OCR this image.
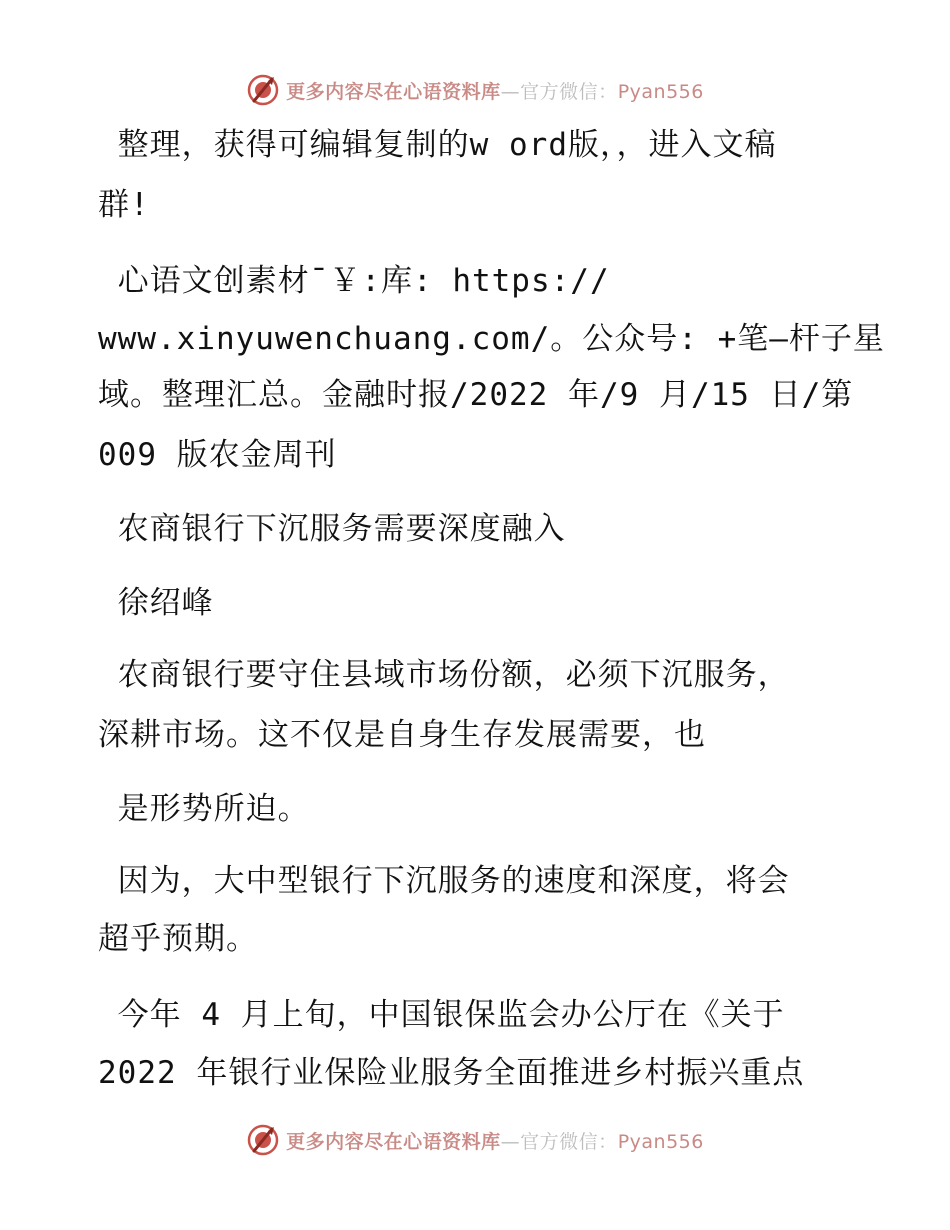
更多内容尽在心语资料库—官方微信：Pyan556
整理，获得可编辑复制的w ord版，，进入文稿
群!
心语文创素材¯￥:库: https://
www.xinyuwenchuang.com/。公众号: +笔—杆子星
域。整理汇总。金融时报/2022 年/9 月/15 日/第
009 版农金周刊
农商银行下沉服务需要深度融入
徐绍峰
农商银行要守住县域市场份额，必须下沉服务，
深耕市场。这不仅是自身生存发展需要，也
是形势所迫。
因为，大中型银行下沉服务的速度和深度，将会
超乎预期。
今年 4 月上旬，中国银保监会办公厅在《关于
2022 年银行业保险业服务全面推进乡村振兴重点
更多内容尽在心语资料库—官方微信：Pyan556
